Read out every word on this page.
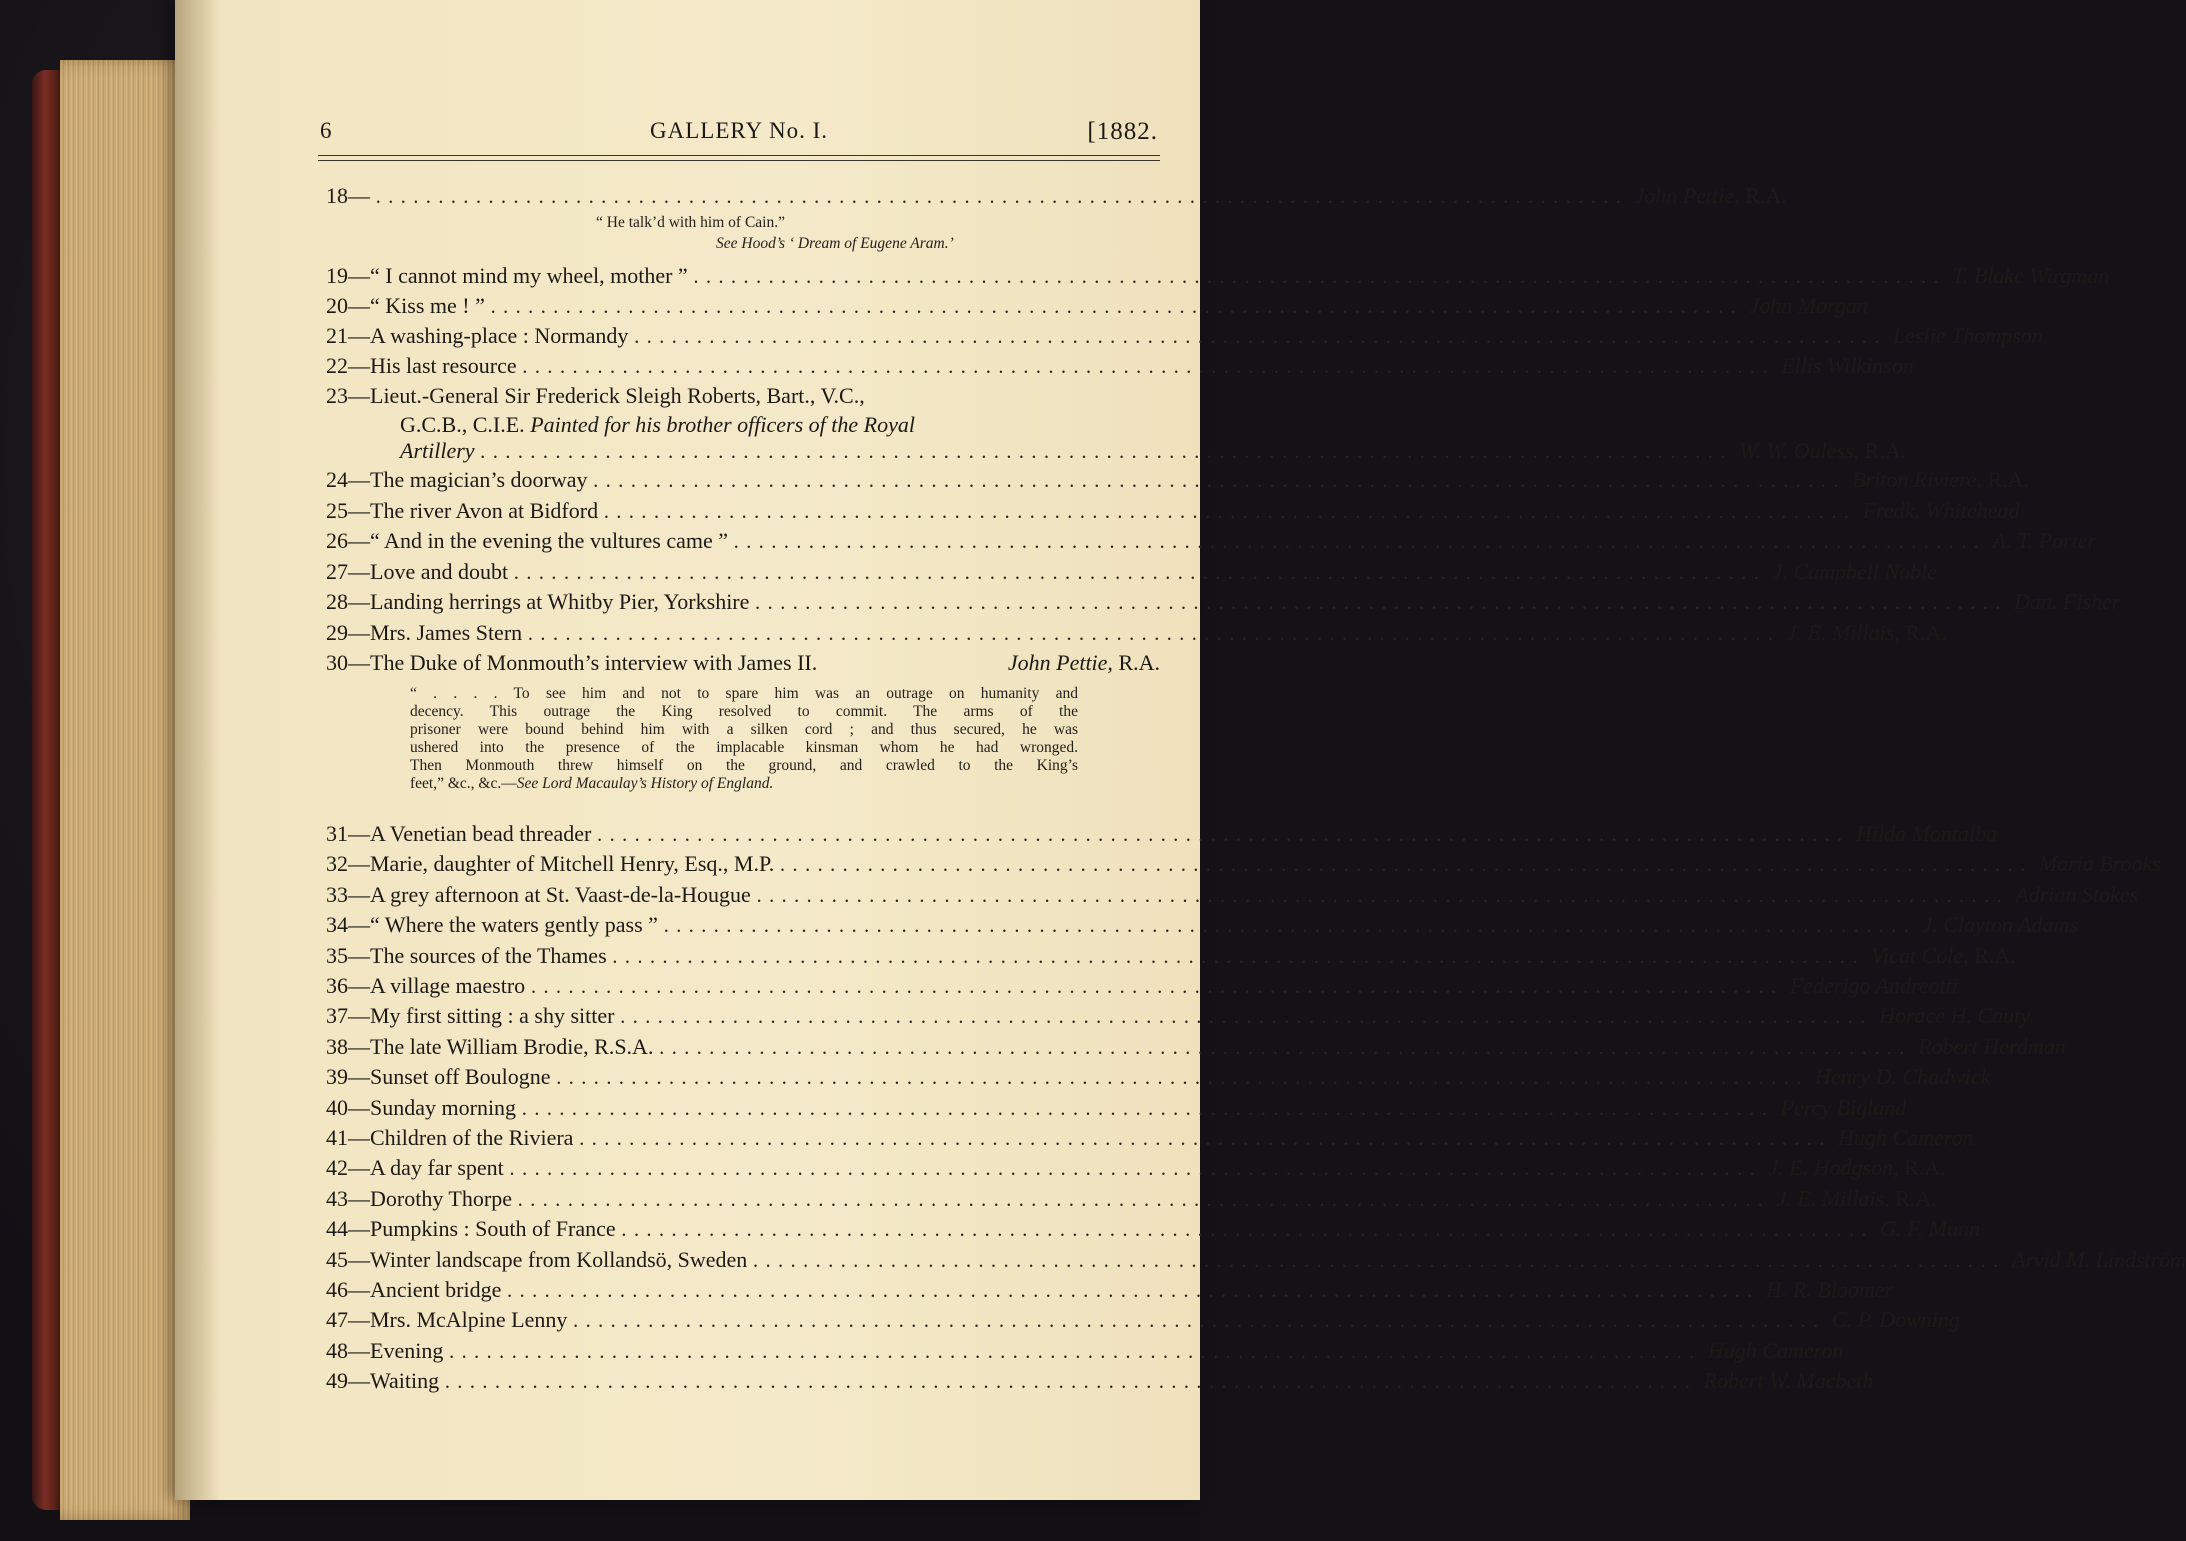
6	GALLERY No. I.	[1882.
18— .................................................................................................... John Pettie, R.A.
“ He talk’d with him of Cain.”
See Hood’s ‘ Dream of Eugene Aram.’
19—“ I cannot mind my wheel, mother ” .................................................................................................... T. Blake Wirgman
20—“ Kiss me ! ” .................................................................................................... John Morgan
21—A washing-place : Normandy .................................................................................................... Leslie Thompson
22—His last resource .................................................................................................... Ellis Wilkinson
23—Lieut.-General Sir Frederick Sleigh Roberts, Bart., V.C.,
G.C.B., C.I.E. Painted for his brother officers of the Royal
Artillery .................................................................................................... W. W. Ouless, R.A.
24—The magician’s doorway .................................................................................................... Briton Riviere, R.A.
25—The river Avon at Bidford .................................................................................................... Fredk. Whitehead
26—“ And in the evening the vultures came ” .................................................................................................... A. T. Porter
27—Love and doubt .................................................................................................... J. Campbell Noble
28—Landing herrings at Whitby Pier, Yorkshire .................................................................................................... Dan. Fisher
29—Mrs. James Stern .................................................................................................... J. E. Millais, R.A.
30—The Duke of Monmouth’s interview with James II.	John Pettie, R.A.
“ . . . . To see him and not to spare him was an outrage on humanity and
decency. This outrage the King resolved to commit. The arms of the
prisoner were bound behind him with a silken cord ; and thus secured, he was
ushered into the presence of the implacable kinsman whom he had wronged.
Then Monmouth threw himself on the ground, and crawled to the King’s
feet,” &c., &c.—See Lord Macaulay’s History of England.
31—A Venetian bead threader .................................................................................................... Hilda Montalba
32—Marie, daughter of Mitchell Henry, Esq., M.P. .................................................................................................... Maria Brooks
33—A grey afternoon at St. Vaast-de-la-Hougue .................................................................................................... Adrian Stokes
34—“ Where the waters gently pass ” .................................................................................................... J. Clayton Adams
35—The sources of the Thames .................................................................................................... Vicat Cole, R.A.
36—A village maestro .................................................................................................... Federigo Andreotti
37—My first sitting : a shy sitter .................................................................................................... Horace H. Cauty
38—The late William Brodie, R.S.A. .................................................................................................... Robert Herdman
39—Sunset off Boulogne .................................................................................................... Henry D. Chadwick
40—Sunday morning .................................................................................................... Percy Bigland
41—Children of the Riviera .................................................................................................... Hugh Cameron
42—A day far spent .................................................................................................... J. E. Hodgson, R.A.
43—Dorothy Thorpe .................................................................................................... J. E. Millais, R.A.
44—Pumpkins : South of France .................................................................................................... G. F. Munn
45—Winter landscape from Kollandsö, Sweden .................................................................................................... Arvid M. Lindström
46—Ancient bridge .................................................................................................... H. R. Bloomer
47—Mrs. McAlpine Lenny .................................................................................................... C. P. Downing
48—Evening .................................................................................................... Hugh Cameron
49—Waiting .................................................................................................... Robert W. Macbeth
